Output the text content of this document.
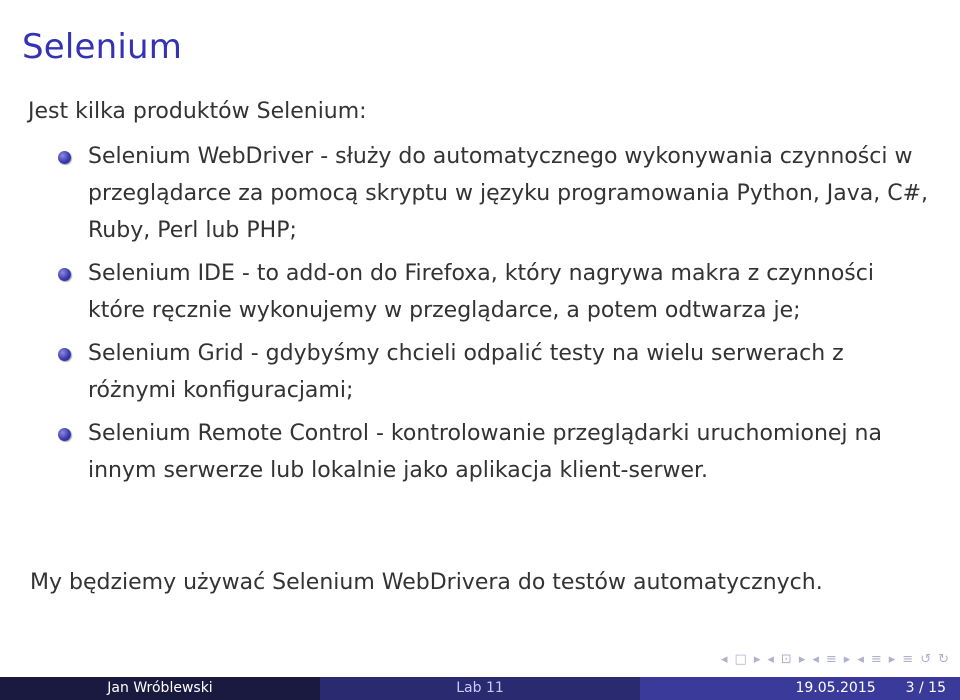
Selenium
Jest kilka produktów Selenium:
Selenium WebDriver - służy do automatycznego wykonywania czynności w przeglądarce za pomocą skryptu w języku programowania Python, Java, C#, Ruby, Perl lub PHP;
Selenium IDE - to add-on do Firefoxa, który nagrywa makra z czynności które ręcznie wykonujemy w przeglądarce, a potem odtwarza je;
Selenium Grid - gdybyśmy chcieli odpalić testy na wielu serwerach z różnymi konfiguracjami;
Selenium Remote Control - kontrolowanie przeglądarki uruchomionej na innym serwerze lub lokalnie jako aplikacja klient-serwer.
My będziemy używać Selenium WebDrivera do testów automatycznych.
◂ □ ▸ ◂ ⊡ ▸ ◂ ≡ ▸ ◂ ≡ ▸ ≡ ↺ ↻
Jan Wróblewski	Lab 11	19.05.2015 3 / 15
